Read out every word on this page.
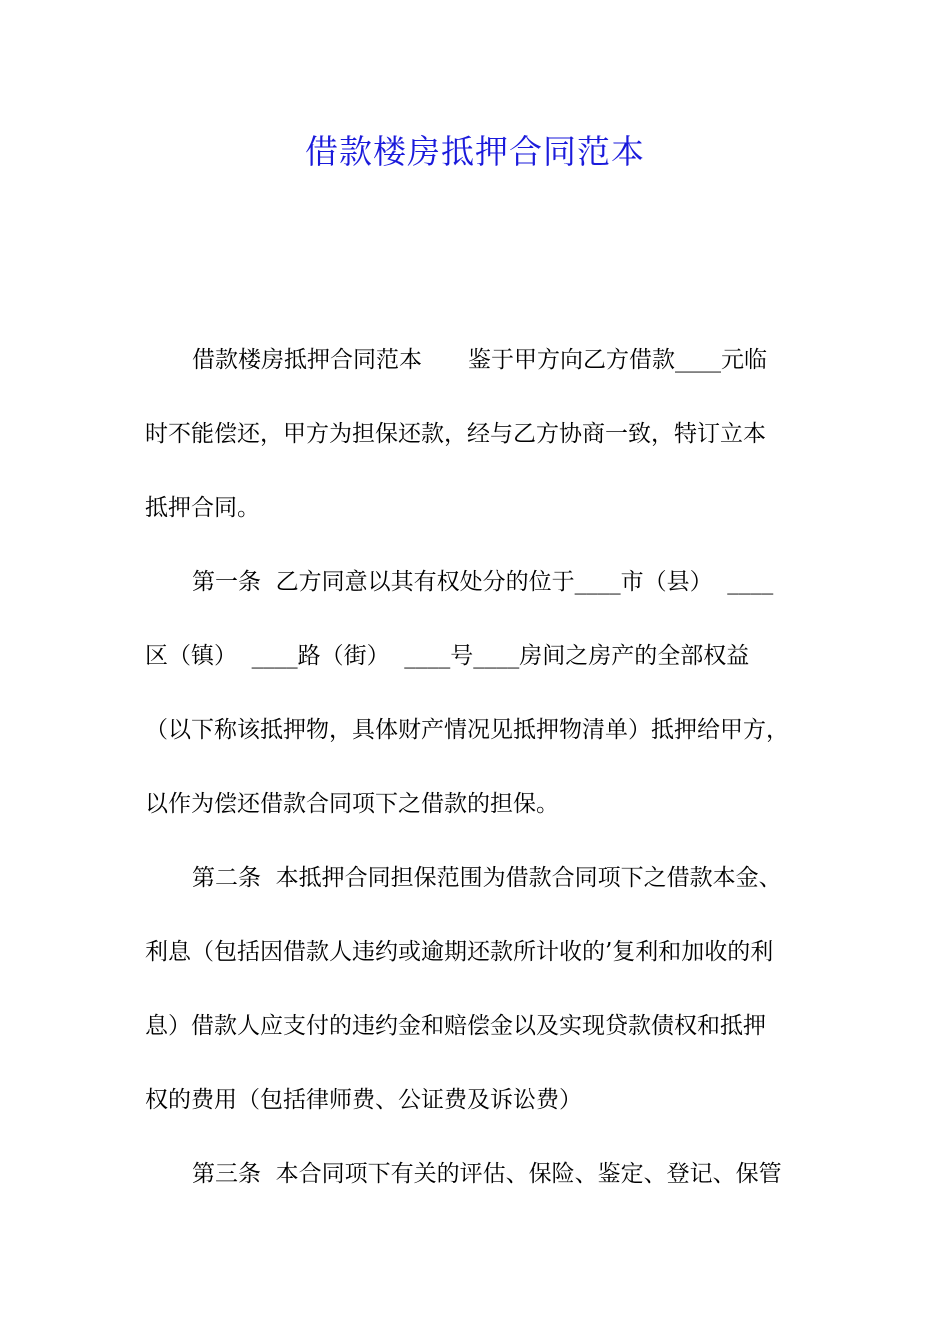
借款楼房抵押合同范本
借款楼房抵押合同范本　　鉴于甲方向乙方借款____元临
时不能偿还，甲方为担保还款，经与乙方协商一致，特订立本
抵押合同。
第一条  乙方同意以其有权处分的位于____市（县）  ____
区（镇）  ____路（街）  ____号____房间之房产的全部权益
（以下称该抵押物，具体财产情况见抵押物清单）抵押给甲方，
以作为偿还借款合同项下之借款的担保。
第二条  本抵押合同担保范围为借款合同项下之借款本金、
利息（包括因借款人违约或逾期还款所计收的’复利和加收的利
息）借款人应支付的违约金和赔偿金以及实现贷款债权和抵押
权的费用（包括律师费、公证费及诉讼费）
第三条  本合同项下有关的评估、保险、鉴定、登记、保管
